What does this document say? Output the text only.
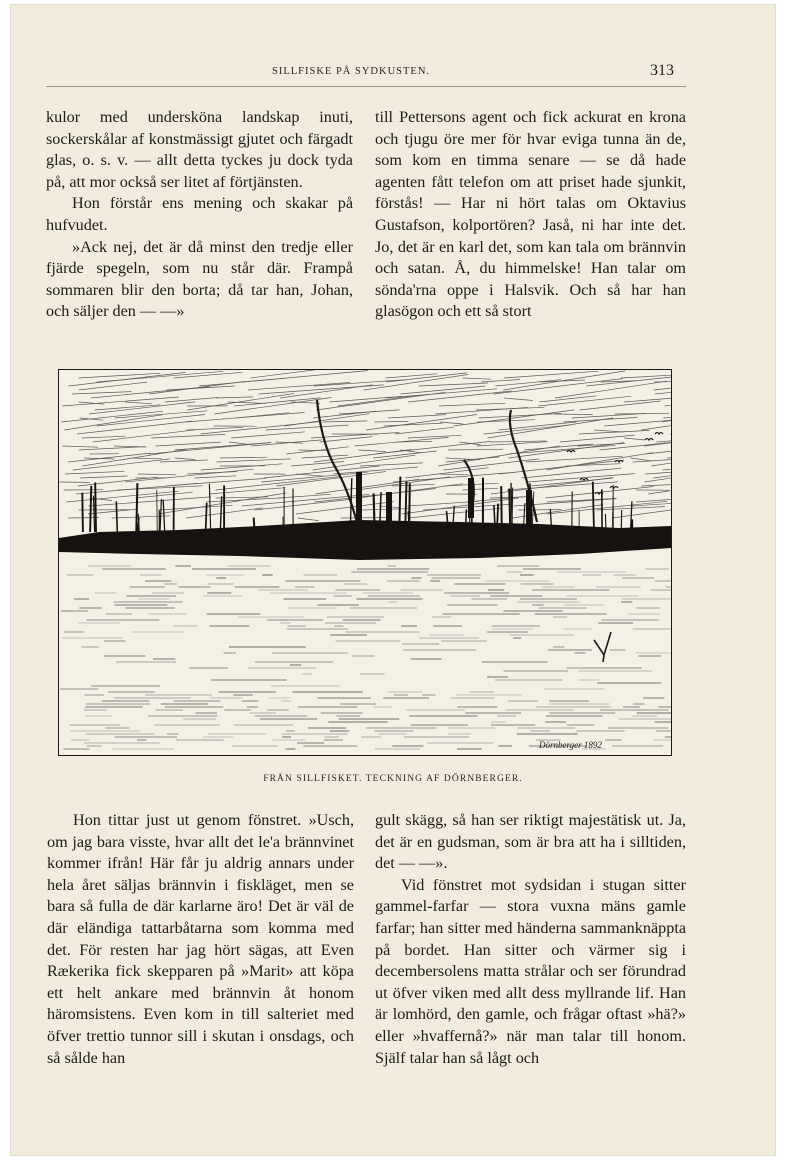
SILLFISKE PÅ SYDKUSTEN.	313

kulor med undersköna landskap inuti, sockerskålar af konstmässigt gjutet och färgadt glas, o. s. v. — allt detta tyckes ju dock tyda på, att mor också ser litet af förtjänsten.

Hon förstår ens mening och skakar på hufvudet.

»Ack nej, det är då minst den tredje eller fjärde spegeln, som nu står där. Frampå sommaren blir den borta; då tar han, Johan, och säljer den — —»

till Pettersons agent och fick ackurat en krona och tjugu öre mer för hvar eviga tunna än de, som kom en timma senare — se då hade agenten fått telefon om att priset hade sjunkit, förstås! — Har ni hört talas om Oktavius Gustafson, kolportören? Jaså, ni har inte det. Jo, det är en karl det, som kan tala om brännvin och satan. Å, du himmelske! Han talar om sönda'rna oppe i Halsvik. Och så har han glasögon och ett så stort

Dörnberger 1892
FRÅN SILLFISKET. TECKNING AF DÖRNBERGER.

Hon tittar just ut genom fönstret. »Usch, om jag bara visste, hvar allt det le'a brännvinet kommer ifrån! Här får ju aldrig annars under hela året säljas brännvin i fiskläget, men se bara så fulla de där karlarne äro! Det är väl de där eländiga tattarbåtarna som komma med det. För resten har jag hört sägas, att Even Rækerika fick skepparen på »Marit» att köpa ett helt ankare med brännvin åt honom häromsistens. Even kom in till salteriet med öfver trettio tunnor sill i skutan i onsdags, och så sålde han

gult skägg, så han ser riktigt majestätisk ut. Ja, det är en gudsman, som är bra att ha i silltiden, det — —».

Vid fönstret mot sydsidan i stugan sitter gammel-farfar — stora vuxna mäns gamle farfar; han sitter med händerna sammanknäppta på bordet. Han sitter och värmer sig i decembersolens matta strålar och ser förundrad ut öfver viken med allt dess myllrande lif. Han är lomhörd, den gamle, och frågar oftast »hä?» eller »hvaffernå?» när man talar till honom. Själf talar han så lågt och
